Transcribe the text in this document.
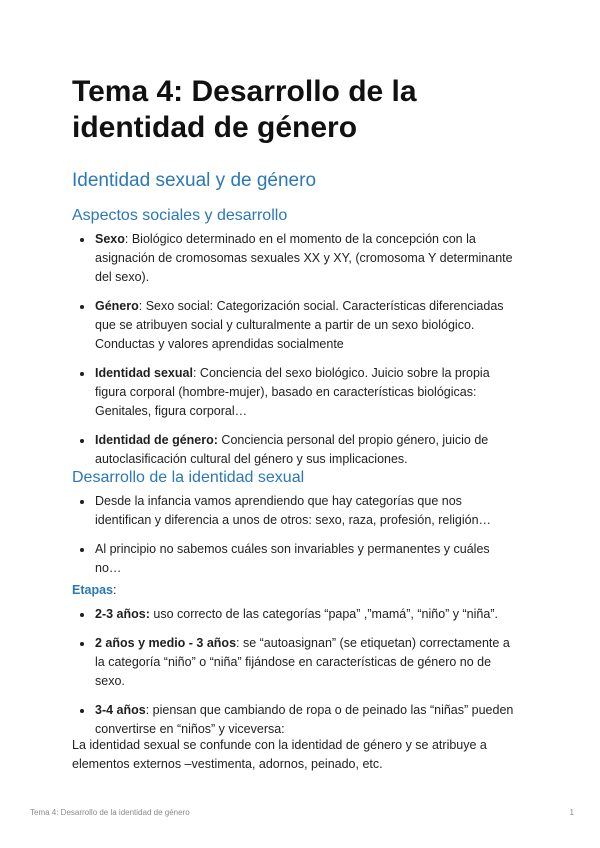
Tema 4: Desarrollo de la identidad de género
Identidad sexual y de género
Aspectos sociales y desarrollo
Sexo: Biológico determinado en el momento de la concepción con la asignación de cromosomas sexuales XX y XY, (cromosoma Y determinante del sexo).
Género: Sexo social: Categorización social. Características diferenciadas que se atribuyen social y culturalmente a partir de un sexo biológico. Conductas y valores aprendidas socialmente
Identidad sexual: Conciencia del sexo biológico. Juicio sobre la propia figura corporal (hombre-mujer), basado en características biológicas: Genitales, figura corporal…
Identidad de género: Conciencia personal del propio género, juicio de autoclasificación cultural del género y sus implicaciones.
Desarrollo de la identidad sexual
Desde la infancia vamos aprendiendo que hay categorías que nos identifican y diferencia a unos de otros: sexo, raza, profesión, religión…
Al principio no sabemos cuáles son invariables y permanentes y cuáles no…
Etapas:
2-3 años: uso correcto de las categorías “papa” ,”mamá”, “niño” y “niña”.
2 años y medio - 3 años: se “autoasignan” (se etiquetan) correctamente a la categoría “niño” o “niña” fijándose en características de género no de sexo.
3-4 años: piensan que cambiando de ropa o de peinado las “niñas” pueden convertirse en “niños” y viceversa:

La identidad sexual se confunde con la identidad de género y se atribuye a elementos externos –vestimenta, adornos, peinado, etc.

Tema 4: Desarrollo de la identidad de género	1
